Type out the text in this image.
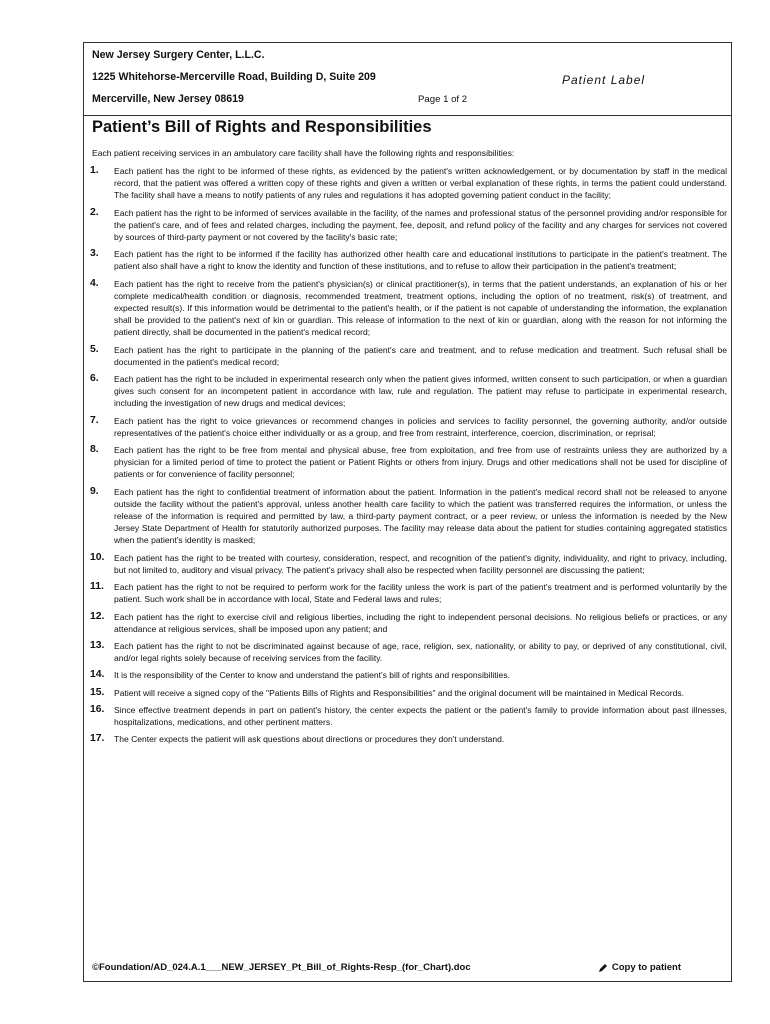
New Jersey Surgery Center, L.L.C.
1225 Whitehorse-Mercerville Road, Building D, Suite 209
Mercerville, New Jersey 08619	Page 1 of 2
Patient Label
Patient’s Bill of Rights and Responsibilities
Each patient receiving services in an ambulatory care facility shall have the following rights and responsibilities:
1.	Each patient has the right to be informed of these rights, as evidenced by the patient's written acknowledgement, or by documentation by staff in the medical record, that the patient was offered a written copy of these rights and given a written or verbal explanation of these rights, in terms the patient could understand. The facility shall have a means to notify patients of any rules and regulations it has adopted governing patient conduct in the facility;
2.	Each patient has the right to be informed of services available in the facility, of the names and professional status of the personnel providing and/or responsible for the patient's care, and of fees and related charges, including the payment, fee, deposit, and refund policy of the facility and any charges for services not covered by sources of third-party payment or not covered by the facility's basic rate;
3.	Each patient has the right to be informed if the facility has authorized other health care and educational institutions to participate in the patient's treatment. The patient also shall have a right to know the identity and function of these institutions, and to refuse to allow their participation in the patient's treatment;
4.	Each patient has the right to receive from the patient's physician(s) or clinical practitioner(s), in terms that the patient understands, an explanation of his or her complete medical/health condition or diagnosis, recommended treatment, treatment options, including the option of no treatment, risk(s) of treatment, and expected result(s). If this information would be detrimental to the patient's health, or if the patient is not capable of understanding the information, the explanation shall be provided to the patient's next of kin or guardian. This release of information to the next of kin or guardian, along with the reason for not informing the patient directly, shall be documented in the patient's medical record;
5.	Each patient has the right to participate in the planning of the patient's care and treatment, and to refuse medication and treatment. Such refusal shall be documented in the patient's medical record;
6.	Each patient has the right to be included in experimental research only when the patient gives informed, written consent to such participation, or when a guardian gives such consent for an incompetent patient in accordance with law, rule and regulation. The patient may refuse to participate in experimental research, including the investigation of new drugs and medical devices;
7.	Each patient has the right to voice grievances or recommend changes in policies and services to facility personnel, the governing authority, and/or outside representatives of the patient's choice either individually or as a group, and free from restraint, interference, coercion, discrimination, or reprisal;
8.	Each patient has the right to be free from mental and physical abuse, free from exploitation, and free from use of restraints unless they are authorized by a physician for a limited period of time to protect the patient or Patient Rights or others from injury. Drugs and other medications shall not be used for discipline of patients or for convenience of facility personnel;
9.	Each patient has the right to confidential treatment of information about the patient. Information in the patient's medical record shall not be released to anyone outside the facility without the patient's approval, unless another health care facility to which the patient was transferred requires the information, or unless the release of the information is required and permitted by law, a third-party payment contract, or a peer review, or unless the information is needed by the New Jersey State Department of Health for statutorily authorized purposes. The facility may release data about the patient for studies containing aggregated statistics when the patient's identity is masked;
10.	Each patient has the right to be treated with courtesy, consideration, respect, and recognition of the patient's dignity, individuality, and right to privacy, including, but not limited to, auditory and visual privacy. The patient's privacy shall also be respected when facility personnel are discussing the patient;
11.	Each patient has the right to not be required to perform work for the facility unless the work is part of the patient's treatment and is performed voluntarily by the patient. Such work shall be in accordance with local, State and Federal laws and rules;
12.	Each patient has the right to exercise civil and religious liberties, including the right to independent personal decisions. No religious beliefs or practices, or any attendance at religious services, shall be imposed upon any patient; and
13.	Each patient has the right to not be discriminated against because of age, race, religion, sex, nationality, or ability to pay, or deprived of any constitutional, civil, and/or legal rights solely because of receiving services from the facility.
14.	It is the responsibility of the Center to know and understand the patient's bill of rights and responsibilities.
15.	Patient will receive a signed copy of the "Patients Bills of Rights and Responsibilities" and the original document will be maintained in Medical Records.
16.	Since effective treatment depends in part on patient's history, the center expects the patient or the patient's family to provide information about past illnesses, hospitalizations, medications, and other pertinent matters.
17.	The Center expects the patient will ask questions about directions or procedures they don't understand.
©Foundation/AD_024.A.1___NEW_JERSEY_Pt_Bill_of_Rights-Resp_(for_Chart).doc	Copy to patient
